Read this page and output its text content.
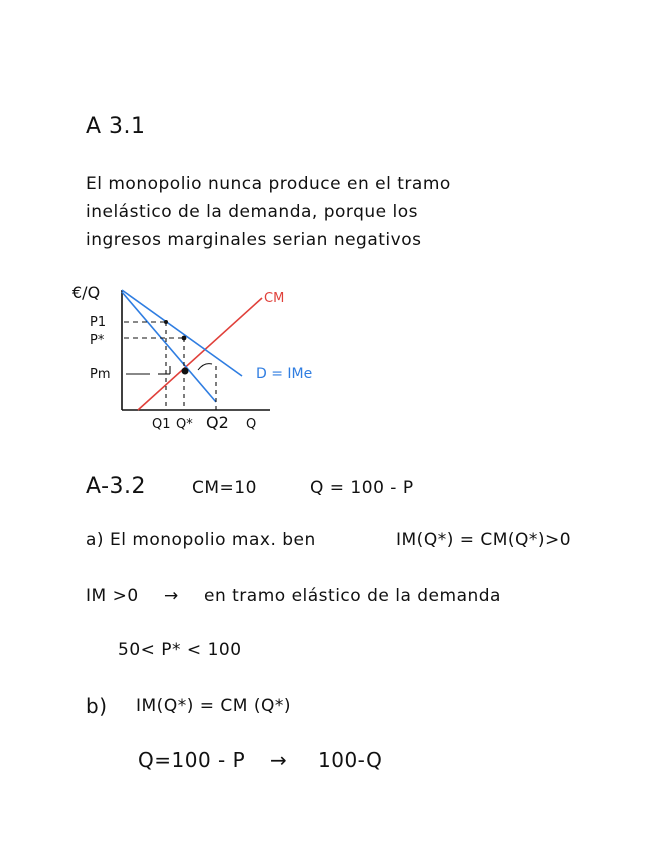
A 3.1
El monopolio nunca produce en el tramo
inelástico de la demanda, porque los
ingresos marginales serian negativos
€/Q
P1
P*
Pm
Q1 Q* Q2 Q
CM
D = IMe
A-3.2	CM=10	Q = 100 - P
a) El monopolio max. ben	IM(Q*) = CM(Q*)>0
IM >0 → en tramo elástico de la demanda
50< P* < 100
b) IM(Q*) = CM (Q*)
Q=100 - P → 100-Q
